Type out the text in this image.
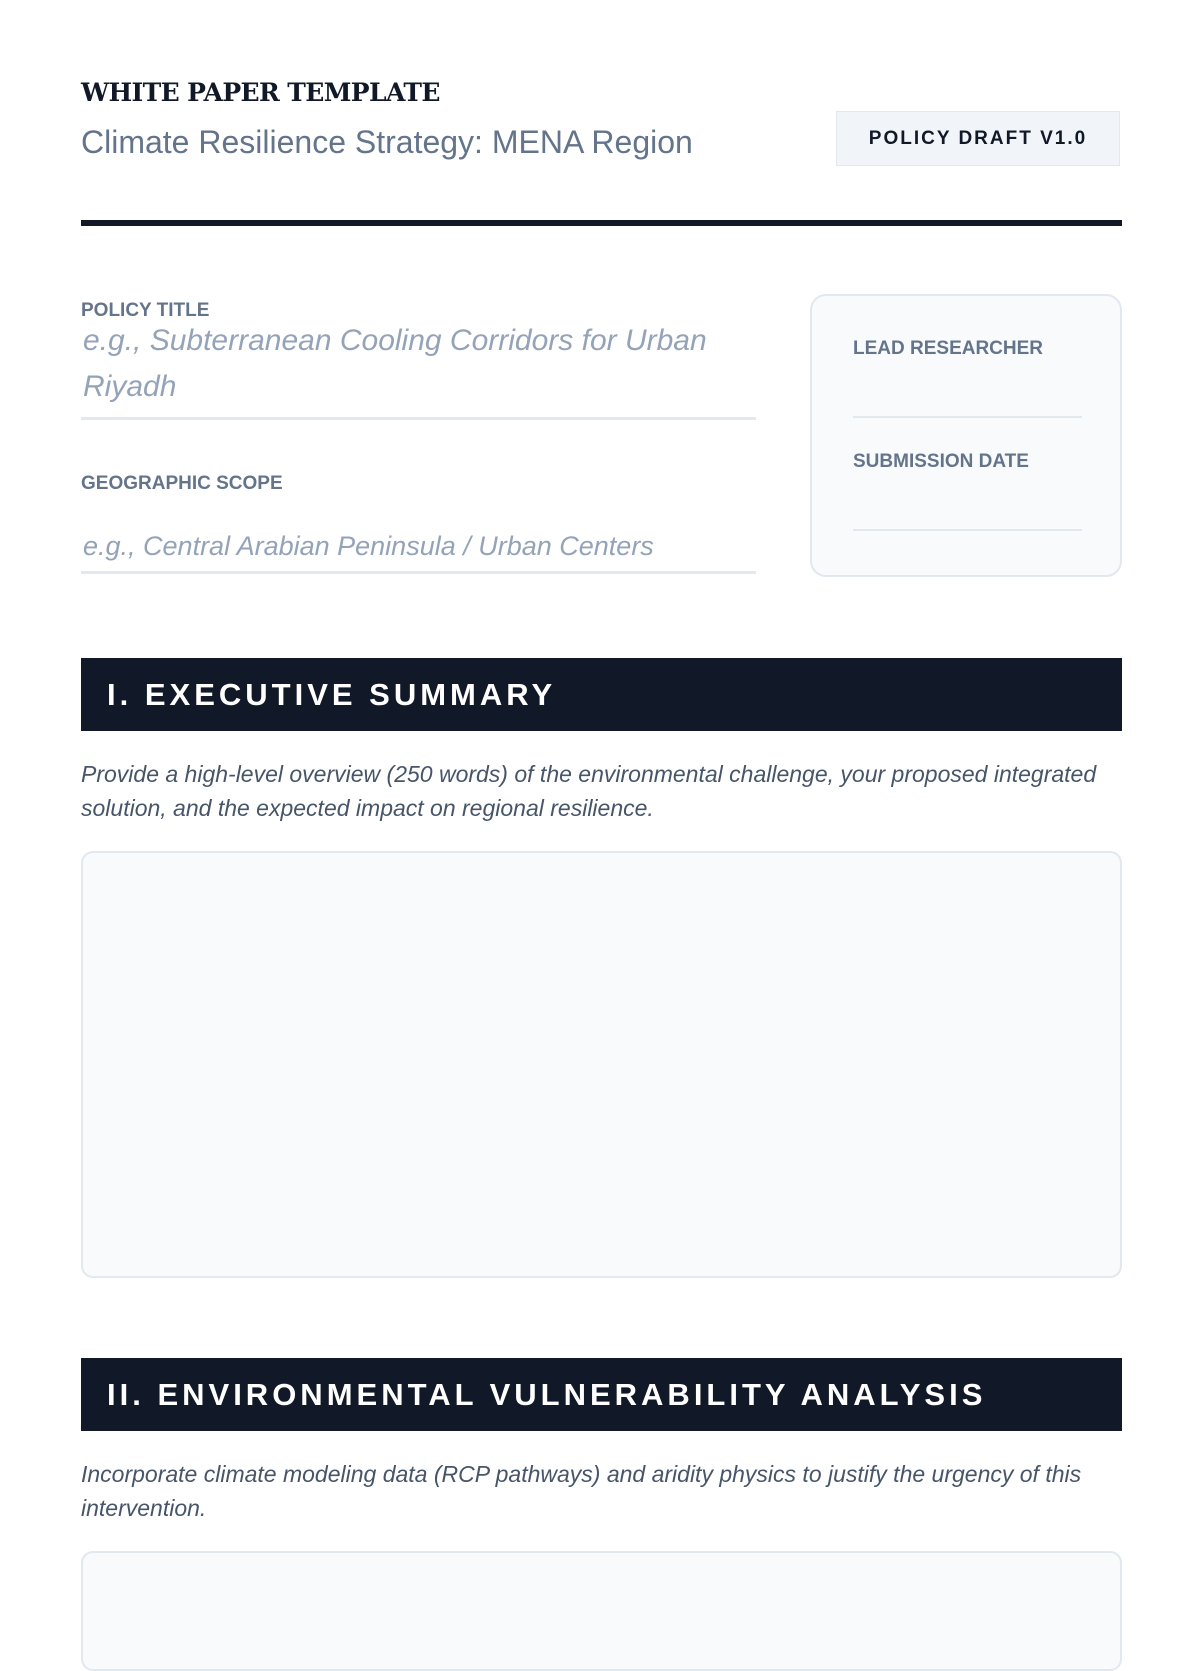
WHITE PAPER TEMPLATE
Climate Resilience Strategy: MENA Region	POLICY DRAFT V1.0
POLICY TITLE
e.g., Subterranean Cooling Corridors for Urban Riyadh
GEOGRAPHIC SCOPE
e.g., Central Arabian Peninsula / Urban Centers
LEAD RESEARCHER
SUBMISSION DATE
I. EXECUTIVE SUMMARY
Provide a high-level overview (250 words) of the environmental challenge, your proposed integrated solution, and the expected impact on regional resilience.
II. ENVIRONMENTAL VULNERABILITY ANALYSIS
Incorporate climate modeling data (RCP pathways) and aridity physics to justify the urgency of this intervention.
